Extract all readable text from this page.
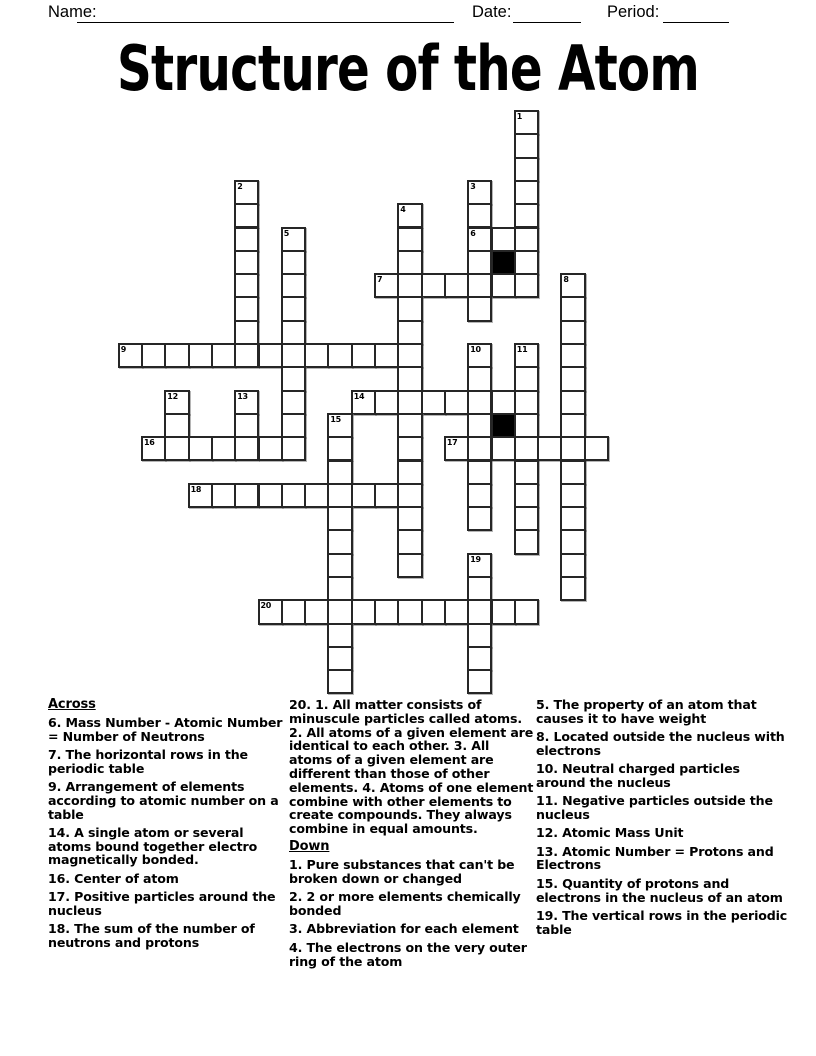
Name:	Date:	Period:
Structure of the Atom
1
2	3
4
5	6
7	8
9	10	11
12	13	14
15
16	17
18
19
20
Across

6. Mass Number - Atomic Number = Number of Neutrons

7. The horizontal rows in the periodic table

9. Arrangement of elements according to atomic number on a table

14. A single atom or several atoms bound together electro magnetically bonded.

16. Center of atom

17. Positive particles around the nucleus

18. The sum of the number of neutrons and protons

20. 1. All matter consists of minuscule particles called atoms. 2. All atoms of a given element are identical to each other. 3. All atoms of a given element are different than those of other elements. 4. Atoms of one element combine with other elements to create compounds. They always combine in equal amounts.

Down

1. Pure substances that can't be broken down or changed

2. 2 or more elements chemically bonded

3. Abbreviation for each element

4. The electrons on the very outer ring of the atom

5. The property of an atom that causes it to have weight

8. Located outside the nucleus with electrons

10. Neutral charged particles around the nucleus

11. Negative particles outside the nucleus

12. Atomic Mass Unit

13. Atomic Number = Protons and Electrons

15. Quantity of protons and electrons in the nucleus of an atom

19. The vertical rows in the periodic table
